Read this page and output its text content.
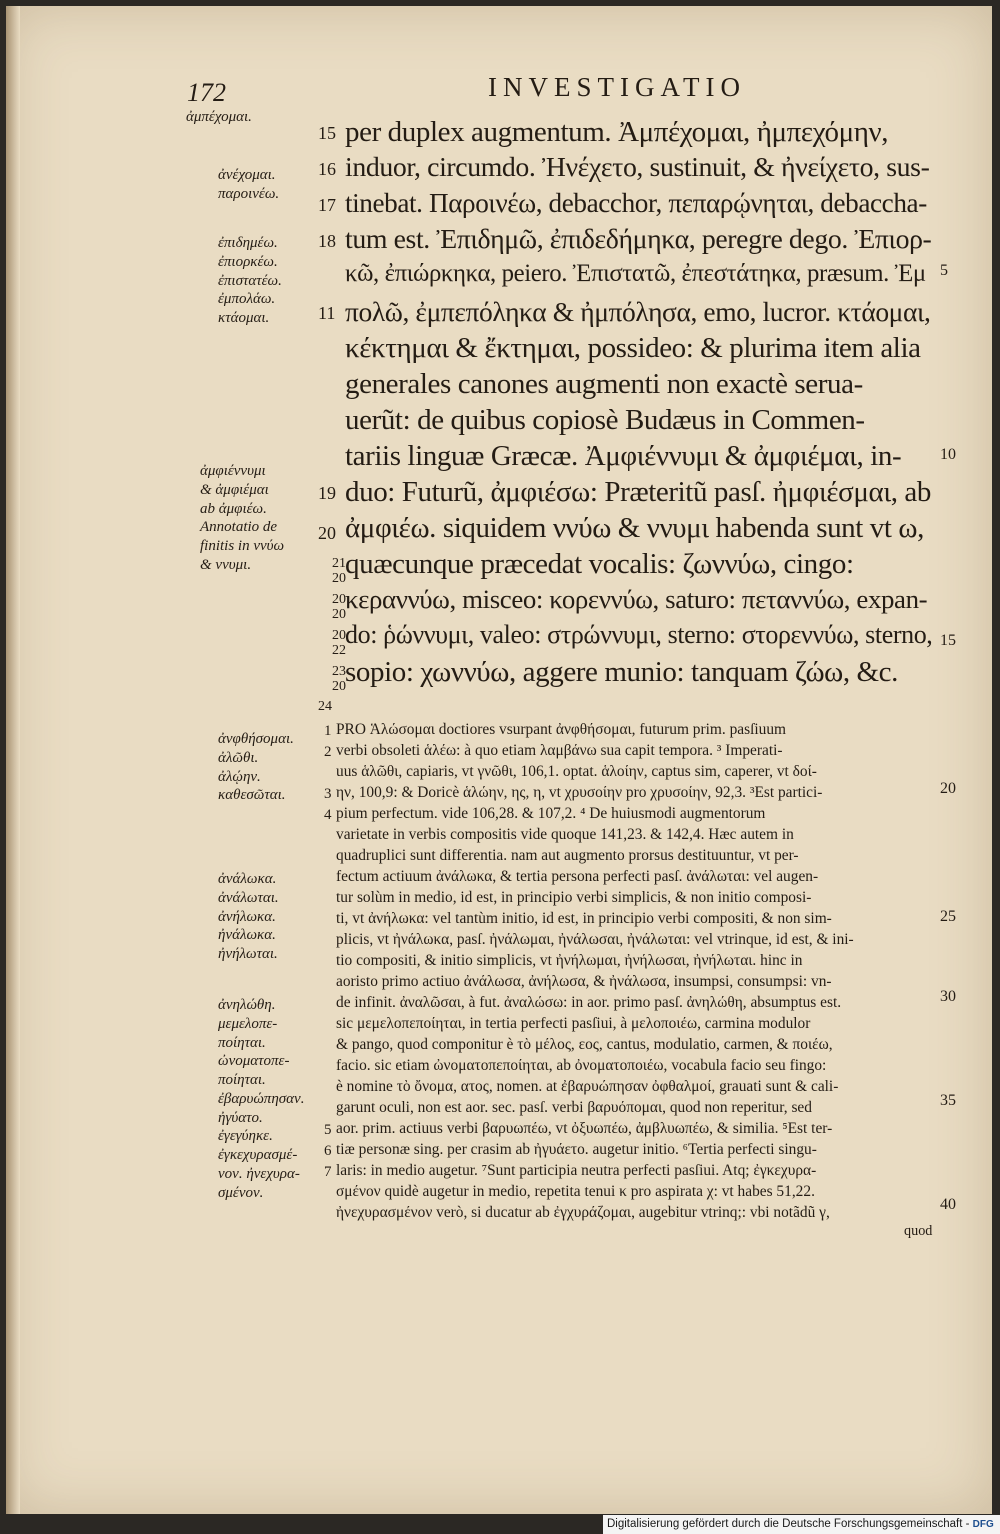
172	INVESTIGATIO
15 per duplex augmentum. Ἀμπέχομαι, ἠμπεχόμην,
16 induor, circumdo. Ἠνέχετο, sustinuit, & ἠνείχετο, sus-
17 tinebat. Παροινέω, debacchor, πεπαρῴνηται, debaccha-
18 tum est. Ἐπιδημῶ, ἐπιδεδήμηκα, peregre dego. Ἐπιορ-
κῶ, ἐπιώρκηκα, peiero. Ἐπιστατῶ, ἐπεστάτηκα, præsum. Ἐμ
11 πολῶ, ἐμπεπόληκα & ἠμπόλησα, emo, lucror. κτάομαι,
κέκτημαι & ἔκτημαι, possideo: & plurima item alia
generales canones augmenti non exactè serua-
uerũt: de quibus copiosè Budæus in Commen-
tariis linguæ Græcæ. Ἀμφιέννυμι & ἀμφιέμαι, in-
19 duo: Futurũ, ἀμφιέσω: Præteritũ pasſ. ἠμφιέσμαι, ab
20 ἀμφιέω. siquidem ννύω & ννυμι habenda sunt vt ω,
21 20 quæcunque præcedat vocalis: ζωννύω, cingo:
20 20
κεραννύω, misceo: κορεννύω, saturo: πεταννύω, expan-
20 22
do: ῥώννυμι, valeo: στρώννυμι, sterno: στορεννύω, sterno,
23 20 sopio: χωννύω, aggere munio: tanquam ζώω, &c.
24
ἀμπέχομαι.
ἀνέχομαι.
παροινέω.
ἐπιδημέω.
ἐπιορκέω.
ἐπιστατέω.
ἐμπολάω.
κτάομαι.
ἀμφιέννυμι
& ἀμφιέμαι
ab ἀμφιέω.
Annotatio de
finitis in ννύω
& ννυμι.
ἀνφθήσομαι.
ἀλῶθι.
ἀλῴην.
καθεσῶται.
ἀνάλωκα.
ἀνάλωται.
ἀνήλωκα.
ἠνάλωκα.
ἠνήλωται.
ἀνηλώθη.
μεμελοπε-
ποίηται.
ὠνοματοπε-
ποίηται.
ἐβαρυώπησαν.
ἠγύατο.
ἐγεγύηκε.
ἐγκεχυρασμέ-
νον. ἠνεχυρα-
σμένον.
5
10
15
20
25
30
35
40
1 PRO Ἁλώσομαι doctiores vsurpant ἀνφθήσομαι, futurum prim. pasſiuum
2 verbi obsoleti ἁλέω: à quo etiam λαμβάνω sua capit tempora. ³ Imperati-
uus ἁλῶθι, capiaris, vt γνῶθι, 106,1. optat. ἁλοίην, captus sim, caperer, vt δοί-
3 ην, 100,9: & Doricè ἁλώην, ης, η, vt χρυσοίην pro χρυσοίην, 92,3. ³Est partici-
4 pium perfectum. vide 106,28. & 107,2. ⁴ De huiusmodi augmentorum
varietate in verbis compositis vide quoque 141,23. & 142,4. Hæc autem in
quadruplici sunt differentia. nam aut augmento prorsus destituuntur, vt per-
fectum actiuum ἀνάλωκα, & tertia persona perfecti pasſ. ἀνάλωται: vel augen-
tur solùm in medio, id est, in principio verbi simplicis, & non initio composi-
ti, vt ἀνήλωκα: vel tantùm initio, id est, in principio verbi compositi, & non sim-
plicis, vt ἠνάλωκα, pasſ. ἠνάλωμαι, ἠνάλωσαι, ἠνάλωται: vel vtrinque, id est, & ini-
tio compositi, & initio simplicis, vt ἠνήλωμαι, ἠνήλωσαι, ἠνήλωται. hinc in
aoristo primo actiuo ἀνάλωσα, ἀνήλωσα, & ἠνάλωσα, insumpsi, consumpsi: vn-
de infinit. ἀναλῶσαι, à fut. ἀναλώσω: in aor. primo pasſ. ἀνηλώθη, absumptus est.
sic μεμελοπεποίηται, in tertia perfecti pasſiui, à μελοποιέω, carmina modulor
& pango, quod componitur è τὸ μέλος, εος, cantus, modulatio, carmen, & ποιέω,
facio. sic etiam ὠνοματοπεποίηται, ab ὀνοματοποιέω, vocabula facio seu fingo:
è nomine τὸ ὄνομα, ατος, nomen. at ἐβαρυώπησαν ὀφθαλμοί, grauati sunt & cali-
garunt oculi, non est aor. sec. pasſ. verbi βαρυόπομαι, quod non reperitur, sed
5 aor. prim. actiuus verbi βαρυωπέω, vt ὀξυωπέω, ἀμβλυωπέω, & similia. ⁵Est ter-
6 tiæ personæ sing. per crasim ab ἠγυάετο. augetur initio. ⁶Tertia perfecti singu-
7 laris: in medio augetur. ⁷Sunt participia neutra perfecti pasſiui. Atq; ἐγκεχυρα-
σμένον quidè augetur in medio, repetita tenui κ pro aspirata χ: vt habes 51,22.
ἠνεχυρασμένον verò, si ducatur ab ἐγχυράζομαι, augebitur vtrinq;: vbi notãdũ γ,
quod
Digitalisierung gefördert durch die Deutsche Forschungsgemeinschaft - DFG
